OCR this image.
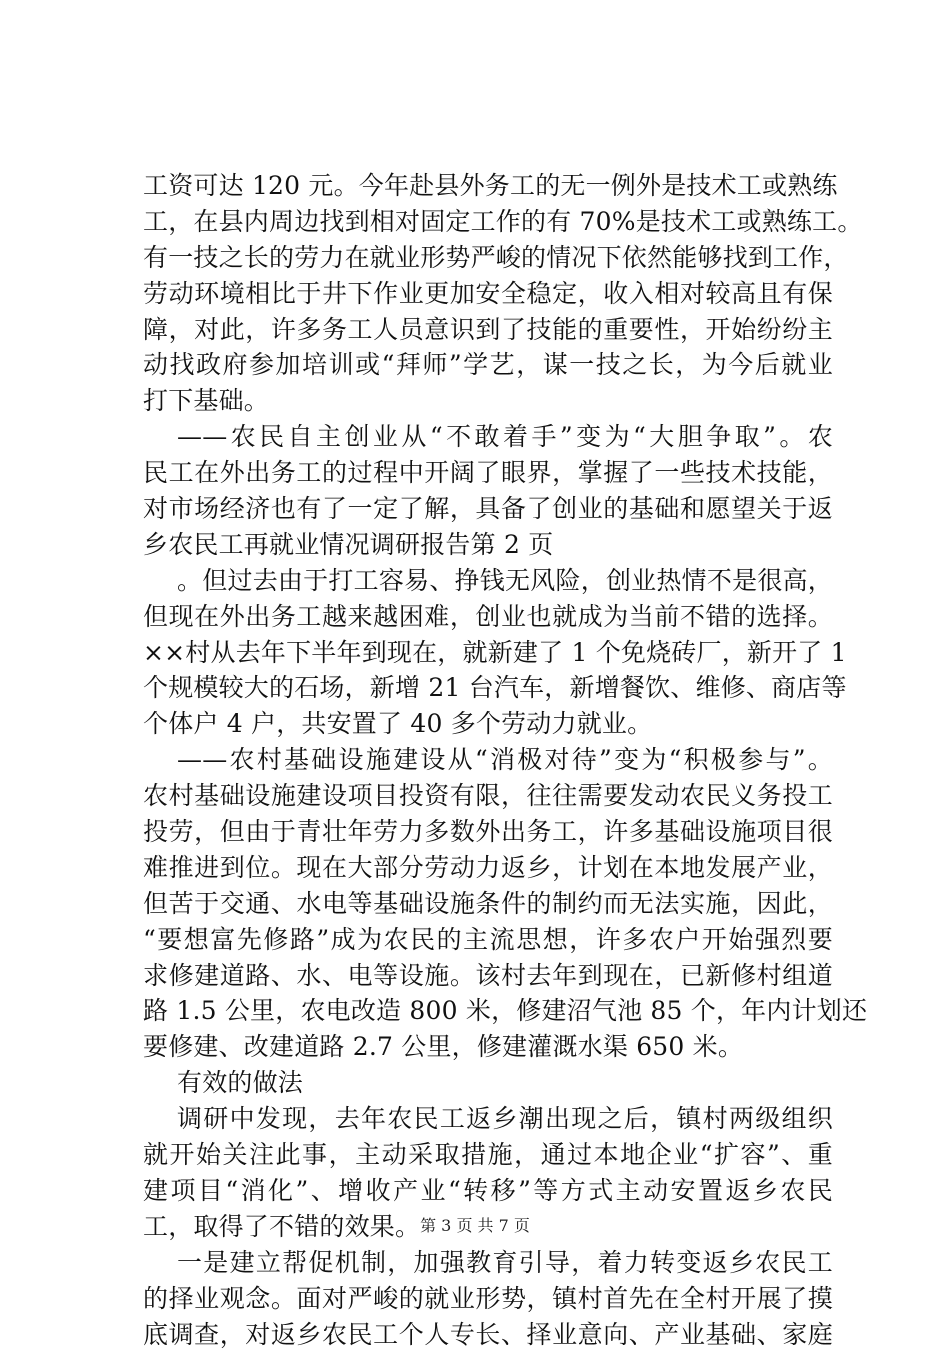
工资可达 120 元。今年赴县外务工的无一例外是技术工或熟练
工，在县内周边找到相对固定工作的有 70%是技术工或熟练工。
有一技之长的劳力在就业形势严峻的情况下依然能够找到工作，
劳动环境相比于井下作业更加安全稳定，收入相对较高且有保
障，对此，许多务工人员意识到了技能的重要性，开始纷纷主
动找政府参加培训或“拜师”学艺，谋一技之长，为今后就业
打下基础。
——农民自主创业从“不敢着手”变为“大胆争取”。农
民工在外出务工的过程中开阔了眼界，掌握了一些技术技能，
对市场经济也有了一定了解，具备了创业的基础和愿望关于返
乡农民工再就业情况调研报告第 2 页
。但过去由于打工容易、挣钱无风险，创业热情不是很高，
但现在外出务工越来越困难，创业也就成为当前不错的选择。
××村从去年下半年到现在，就新建了 1 个免烧砖厂，新开了 1
个规模较大的石场，新增 21 台汽车，新增餐饮、维修、商店等
个体户 4 户，共安置了 40 多个劳动力就业。
——农村基础设施建设从“消极对待”变为“积极参与”。
农村基础设施建设项目投资有限，往往需要发动农民义务投工
投劳，但由于青壮年劳力多数外出务工，许多基础设施项目很
难推进到位。现在大部分劳动力返乡，计划在本地发展产业，
但苦于交通、水电等基础设施条件的制约而无法实施，因此，
“要想富先修路”成为农民的主流思想，许多农户开始强烈要
求修建道路、水、电等设施。该村去年到现在，已新修村组道
路 1.5 公里，农电改造 800 米，修建沼气池 85 个，年内计划还
要修建、改建道路 2.7 公里，修建灌溉水渠 650 米。
有效的做法
调研中发现，去年农民工返乡潮出现之后，镇村两级组织
就开始关注此事，主动采取措施，通过本地企业“扩容”、重
建项目“消化”、增收产业“转移”等方式主动安置返乡农民
工，取得了不错的效果。
一是建立帮促机制，加强教育引导，着力转变返乡农民工
的择业观念。面对严峻的就业形势，镇村首先在全村开展了摸
底调查，对返乡农民工个人专长、择业意向、产业基础、家庭
第 3 页 共 7 页
